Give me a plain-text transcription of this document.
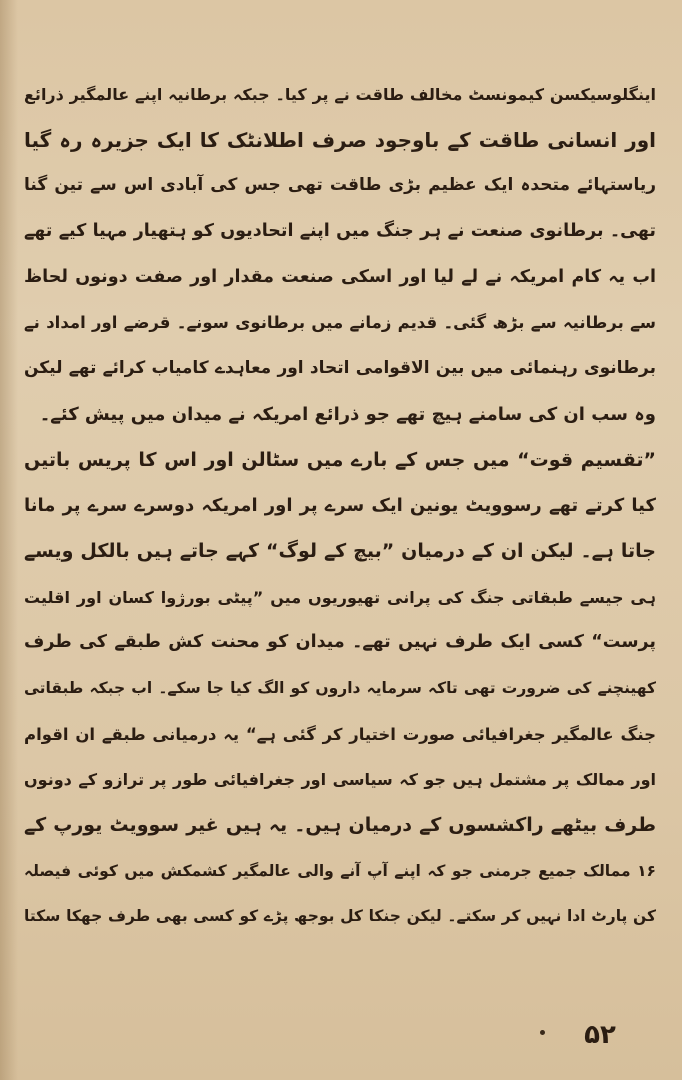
اینگلوسیکسن کیمونسٹ مخالف طاقت نے پر کیا۔ جبکہ برطانیہ اپنے عالمگیر ذرائع
اور انسانی طاقت کے باوجود صرف اطلانٹک کا ایک جزیرہ رہ گیا
ریاستہائے متحدہ ایک عظیم بڑی طاقت تھی جس کی آبادی اس سے تین گنا
تھی۔ برطانوی صنعت نے ہر جنگ میں اپنے اتحادیوں کو ہتھیار مہیا کیے تھے
اب یہ کام امریکہ نے لے لیا اور اسکی صنعت مقدار اور صفت دونوں لحاظ
سے برطانیہ سے بڑھ گئی۔ قدیم زمانے میں برطانوی سونے۔ قرضے اور امداد نے
برطانوی رہنمائی میں بین الاقوامی اتحاد اور معاہدے کامیاب کرائے تھے لیکن
وہ سب ان کی سامنے ہیچ تھے جو ذرائع امریکہ نے میدان میں پیش کئے۔
”تقسیم قوت“ میں جس کے بارے میں سٹالن اور اس کا پریس باتیں
کیا کرتے تھے رسوویٹ یونین ایک سرے پر اور امریکہ دوسرے سرے پر مانا
جاتا ہے۔ لیکن ان کے درمیان ”بیچ کے لوگ“ کہے جاتے ہیں بالکل ویسے
ہی جیسے طبقاتی جنگ کی پرانی تھیوریوں میں ”پیٹی بورژوا کسان اور اقلیت
پرست“ کسی ایک طرف نہیں تھے۔ میدان کو محنت کش طبقے کی طرف
کھینچنے کی ضرورت تھی تاکہ سرمایہ داروں کو الگ کیا جا سکے۔ اب جبکہ طبقاتی
جنگ عالمگیر جغرافیائی صورت اختیار کر گئی ہے“ یہ درمیانی طبقے ان اقوام
اور ممالک پر مشتمل ہیں جو کہ سیاسی اور جغرافیائی طور پر ترازو کے دونوں
طرف بیٹھے راکشسوں کے درمیان ہیں۔ یہ ہیں غیر سوویٹ یورپ کے
۱۶ ممالک جمیع جرمنی جو کہ اپنے آپ آنے والی عالمگیر کشمکش میں کوئی فیصلہ
کن پارٹ ادا نہیں کر سکتے۔ لیکن جنکا کل بوجھ پڑے کو کسی بھی طرف جھکا سکتا
۵۲
